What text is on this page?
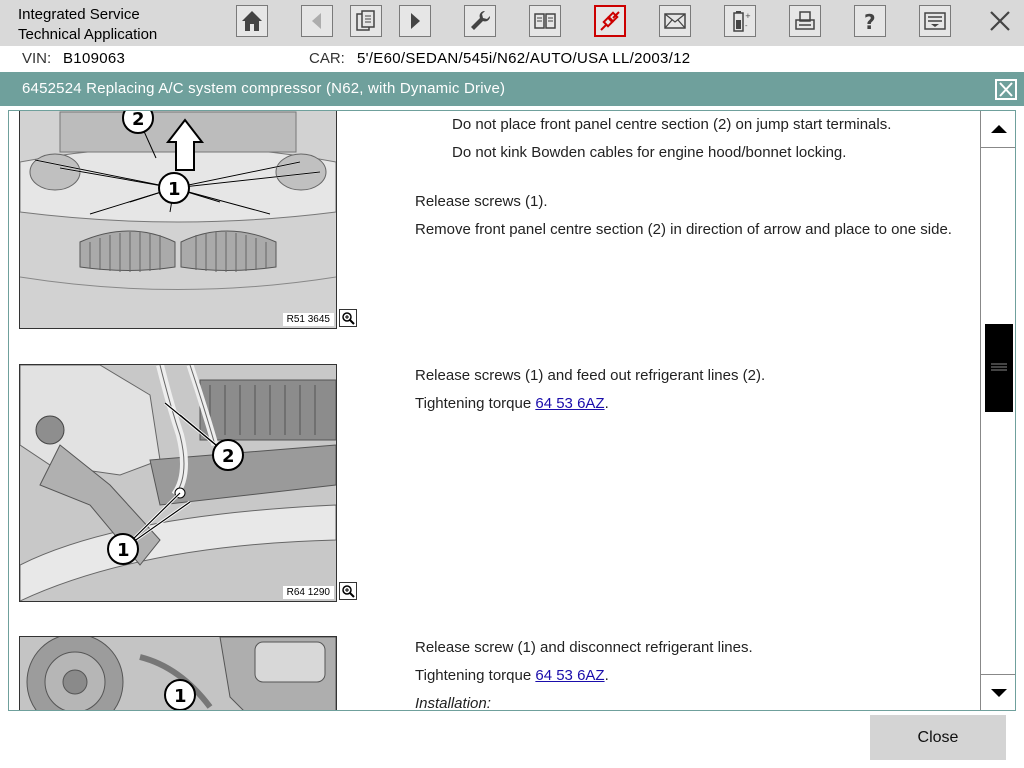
Integrated Service
Technical Application
+
-	?
VIN: B109063	CAR: 5'/E60/SEDAN/545i/N62/AUTO/USA LL/2003/12
6452524 Replacing A/C system compressor (N62, with Dynamic Drive)
2
1
R51 3645
Do not place front panel centre section (2) on jump start terminals.
Do not kink Bowden cables for engine hood/bonnet locking.
Release screws (1).
Remove front panel centre section (2) in direction of arrow and place to one side.
2
1
R64 1290
Release screws (1) and feed out refrigerant lines (2).
Tightening torque 64 53 6AZ.
1
Release screw (1) and disconnect refrigerant lines.
Tightening torque 64 53 6AZ.
Installation:
Close
